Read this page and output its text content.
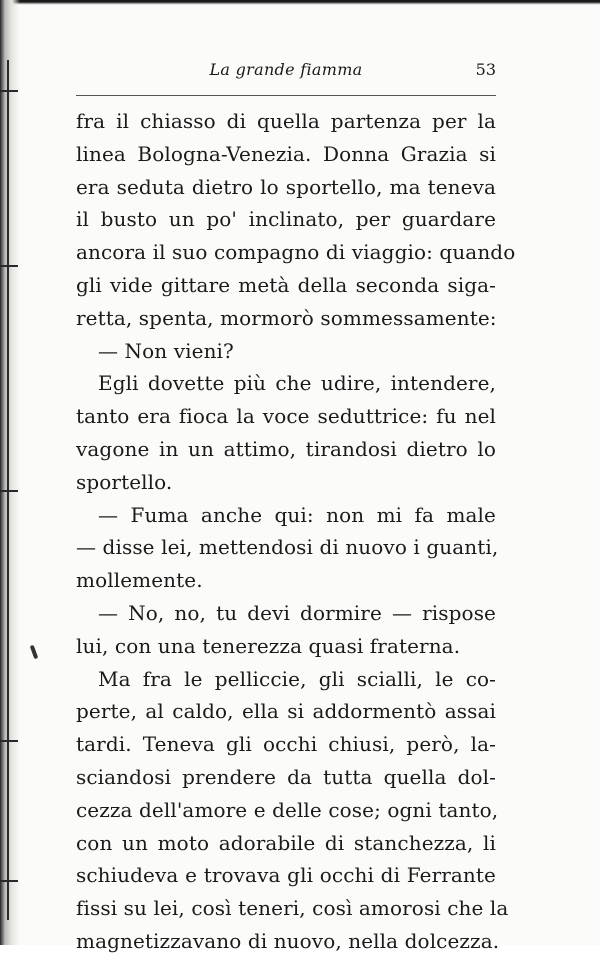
La grande fiamma	53
fra il chiasso di quella partenza per la
linea Bologna-Venezia. Donna Grazia si
era seduta dietro lo sportello, ma teneva
il busto un po' inclinato, per guardare
ancora il suo compagno di viaggio: quando
gli vide gittare metà della seconda siga-
retta, spenta, mormorò sommessamente:
— Non vieni?
Egli dovette più che udire, intendere,
tanto era fioca la voce seduttrice: fu nel
vagone in un attimo, tirandosi dietro lo
sportello.
— Fuma anche qui: non mi fa male
— disse lei, mettendosi di nuovo i guanti,
mollemente.
— No, no, tu devi dormire — rispose
lui, con una tenerezza quasi fraterna.
Ma fra le pelliccie, gli scialli, le co-
perte, al caldo, ella si addormentò assai
tardi. Teneva gli occhi chiusi, però, la-
sciandosi prendere da tutta quella dol-
cezza dell'amore e delle cose; ogni tanto,
con un moto adorabile di stanchezza, li
schiudeva e trovava gli occhi di Ferrante
fissi su lei, così teneri, così amorosi che la
magnetizzavano di nuovo, nella dolcezza.
